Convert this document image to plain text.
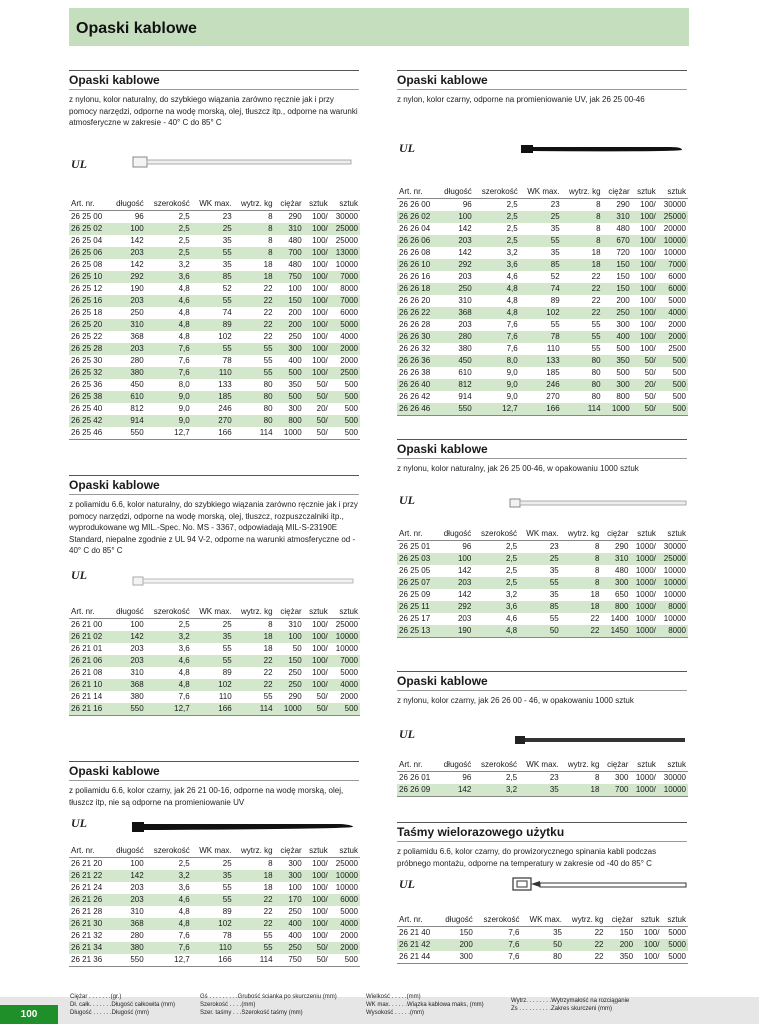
Opaski kablowe
Opaski kablowe
z nylonu, kolor naturalny, do szybkiego wiązania zarówno ręcznie jak i przy pomocy narzędzi, odporne na wodę morską, olej, tłuszcz itp., odporne na warunki atmosferyczne w zakresie - 40° C do 85° C
UL
Art. nr.	długość	szerokość	WK max.	wytrz. kg	ciężar	sztuk	sztuk
26 25 00	96	2,5	23	8	290	100/	30000
26 25 02	100	2,5	25	8	310	100/	25000
26 25 04	142	2,5	35	8	480	100/	25000
26 25 06	203	2,5	55	8	700	100/	13000
26 25 08	142	3,2	35	18	480	100/	10000
26 25 10	292	3,6	85	18	750	100/	7000
26 25 12	190	4,8	52	22	100	100/	8000
26 25 16	203	4,6	55	22	150	100/	7000
26 25 18	250	4,8	74	22	200	100/	6000
26 25 20	310	4,8	89	22	200	100/	5000
26 25 22	368	4,8	102	22	250	100/	4000
26 25 28	203	7,6	55	55	300	100/	2000
26 25 30	280	7,6	78	55	400	100/	2000
26 25 32	380	7,6	110	55	500	100/	2500
26 25 36	450	8,0	133	80	350	50/	500
26 25 38	610	9,0	185	80	500	50/	500
26 25 40	812	9,0	246	80	300	20/	500
26 25 42	914	9,0	270	80	800	50/	500
26 25 46	550	12,7	166	114	1000	50/	500
Opaski kablowe
z nylon, kolor czarny, odporne na promieniowanie UV, jak 26 25 00-46
UL
Art. nr.	długość	szerokość	WK max.	wytrz. kg	ciężar	sztuk	sztuk
26 26 00	96	2,5	23	8	290	100/	30000
26 26 02	100	2,5	25	8	310	100/	25000
26 26 04	142	2,5	35	8	480	100/	20000
26 26 06	203	2,5	55	8	670	100/	10000
26 26 08	142	3,2	35	18	720	100/	10000
26 26 10	292	3,6	85	18	150	100/	7000
26 26 16	203	4,6	52	22	150	100/	6000
26 26 18	250	4,8	74	22	150	100/	6000
26 26 20	310	4,8	89	22	200	100/	5000
26 26 22	368	4,8	102	22	250	100/	4000
26 26 28	203	7,6	55	55	300	100/	2000
26 26 30	280	7,6	78	55	400	100/	2000
26 26 32	380	7,6	110	55	500	100/	2500
26 26 36	450	8,0	133	80	350	50/	500
26 26 38	610	9,0	185	80	500	50/	500
26 26 40	812	9,0	246	80	300	20/	500
26 26 42	914	9,0	270	80	800	50/	500
26 26 46	550	12,7	166	114	1000	50/	500
Opaski kablowe
z nylonu, kolor naturalny, jak 26 25 00-46, w opakowaniu 1000 sztuk
UL
Art. nr.	długość	szerokość	WK max.	wytrz. kg	ciężar	sztuk	sztuk
26 25 01	96	2,5	23	8	290	1000/	30000
26 25 03	100	2,5	25	8	310	1000/	25000
26 25 05	142	2,5	35	8	480	1000/	10000
26 25 07	203	2,5	55	8	300	1000/	10000
26 25 09	142	3,2	35	18	650	1000/	10000
26 25 11	292	3,6	85	18	800	1000/	8000
26 25 17	203	4,6	55	22	1400	1000/	10000
26 25 13	190	4,8	50	22	1450	1000/	8000
Opaski kablowe
z poliamidu 6.6, kolor naturalny, do szybkiego wiązania zarówno ręcznie jak i przy pomocy narzędzi, odporne na wodę morską, olej, tłuszcz, rozpuszczalniki itp., wyprodukowane wg MIL.-Spec. No. MS - 3367, odpowiadają MIL-S-23190E Standard, niepalne zgodnie z UL 94 V-2, odporne na warunki atmosferyczne od - 40° C do 85° C
UL
Art. nr.	długość	szerokość	WK max.	wytrz. kg	ciężar	sztuk	sztuk
26 21 00	100	2,5	25	8	310	100/	25000
26 21 02	142	3,2	35	18	100	100/	10000
26 21 01	203	3,6	55	18	50	100/	10000
26 21 06	203	4,6	55	22	150	100/	7000
26 21 08	310	4,8	89	22	250	100/	5000
26 21 10	368	4,8	102	22	250	100/	4000
26 21 14	380	7,6	110	55	290	50/	2000
26 21 16	550	12,7	166	114	1000	50/	500
Opaski kablowe
z nylonu, kolor czarny, jak 26 26 00 - 46, w opakowaniu 1000 sztuk
UL
Art. nr.	długość	szerokość	WK max.	wytrz. kg	ciężar	sztuk	sztuk
26 26 01	96	2,5	23	8	300	1000/	30000
26 26 09	142	3,2	35	18	700	1000/	10000
Opaski kablowe
z poliamidu 6.6, kolor czarny, jak 26 21 00-16, odporne na wodę morską, olej, tłuszcz itp, nie są odporne na promieniowanie UV
UL
Art. nr.	długość	szerokość	WK max.	wytrz. kg	ciężar	sztuk	sztuk
26 21 20	100	2,5	25	8	300	100/	25000
26 21 22	142	3,2	35	18	300	100/	10000
26 21 24	203	3,6	55	18	100	100/	10000
26 21 26	203	4,6	55	22	170	100/	6000
26 21 28	310	4,8	89	22	250	100/	5000
26 21 30	368	4,8	102	22	400	100/	4000
26 21 32	280	7,6	78	55	400	100/	2000
26 21 34	380	7,6	110	55	250	50/	2000
26 21 36	550	12,7	166	114	750	50/	500
Taśmy wielorazowego użytku
z poliamidu 6.6, kolor czarny, do prowizorycznego spinania kabli podczas próbnego montażu, odporne na temperatury w zakresie od -40 do 85° C
UL
Art. nr.	długość	szerokość	WK max.	wytrz. kg	ciężar	sztuk	sztuk
26 21 40	150	7,6	35	22	150	100/	5000
26 21 42	200	7,6	50	22	200	100/	5000
26 21 44	300	7,6	80	22	350	100/	5000
Ciężar . . . . . . .(gr.)
Dł. całk. . . . . . .Długość całkowita (mm)
Długość . . . . . .Długość (mm)
Gś . . . . . . . . .Grubość ścianka po skurczeniu (mm)
Szerokość . . . .(mm)
Szer. taśmy . . .Szerokość taśmy (mm)
Wielkość . . . . .(mm)
WK max. . . . . .Wiązka kablowa maks, (mm)
Wysokość . . . . .(mm)
Wytrz. . . . . . . .Wytrzymałość na rozciąganie
Zs . . . . . . . . . .Zakres skurczeni (mm)
100
